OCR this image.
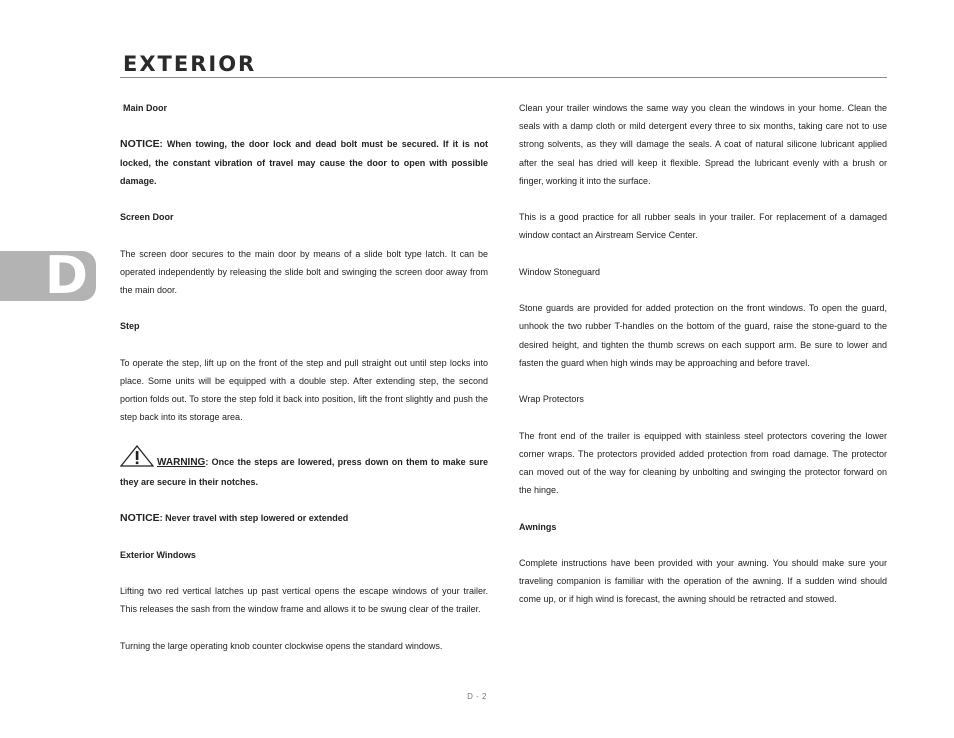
EXTERIOR
D

Main Door

NOTICE: When towing, the door lock and dead bolt must be secured. If it is not locked, the constant vibration of travel may cause the door to open with possible damage.

Screen Door

The screen door secures to the main door by means of a slide bolt type latch. It can be operated independently by releasing the slide bolt and swinging the screen door away from the main door.

Step

To operate the step, lift up on the front of the step and pull straight out until step locks into place. Some units will be equipped with a double step. After extending step, the second portion folds out. To store the step fold it back into position, lift the front slightly and push the step back into its storage area.

WARNING: Once the steps are lowered, press down on them to make sure they are secure in their notches.

NOTICE: Never travel with step lowered or extended

Exterior Windows

Lifting two red vertical latches up past vertical opens the escape windows of your trailer. This releases the sash from the window frame and allows it to be swung clear of the trailer.

Turning the large operating knob counter clockwise opens the standard windows.

Clean your trailer windows the same way you clean the windows in your home. Clean the seals with a damp cloth or mild detergent every three to six months, taking care not to use strong solvents, as they will damage the seals. A coat of natural silicone lubricant applied after the seal has dried will keep it flexible. Spread the lubricant evenly with a brush or finger, working it into the surface.

This is a good practice for all rubber seals in your trailer. For replacement of a damaged window contact an Airstream Service Center.

Window Stoneguard

Stone guards are provided for added protection on the front windows. To open the guard, unhook the two rubber T-handles on the bottom of the guard, raise the stone-guard to the desired height, and tighten the thumb screws on each support arm. Be sure to lower and fasten the guard when high winds may be approaching and before travel.

Wrap Protectors

The front end of the trailer is equipped with stainless steel protectors covering the lower corner wraps. The protectors provided added protection from road damage. The protector can moved out of the way for cleaning by unbolting and swinging the protector forward on the hinge.

Awnings

Complete instructions have been provided with your awning. You should make sure your traveling companion is familiar with the operation of the awning. If a sudden wind should come up, or if high wind is forecast, the awning should be retracted and stowed.

D - 2
